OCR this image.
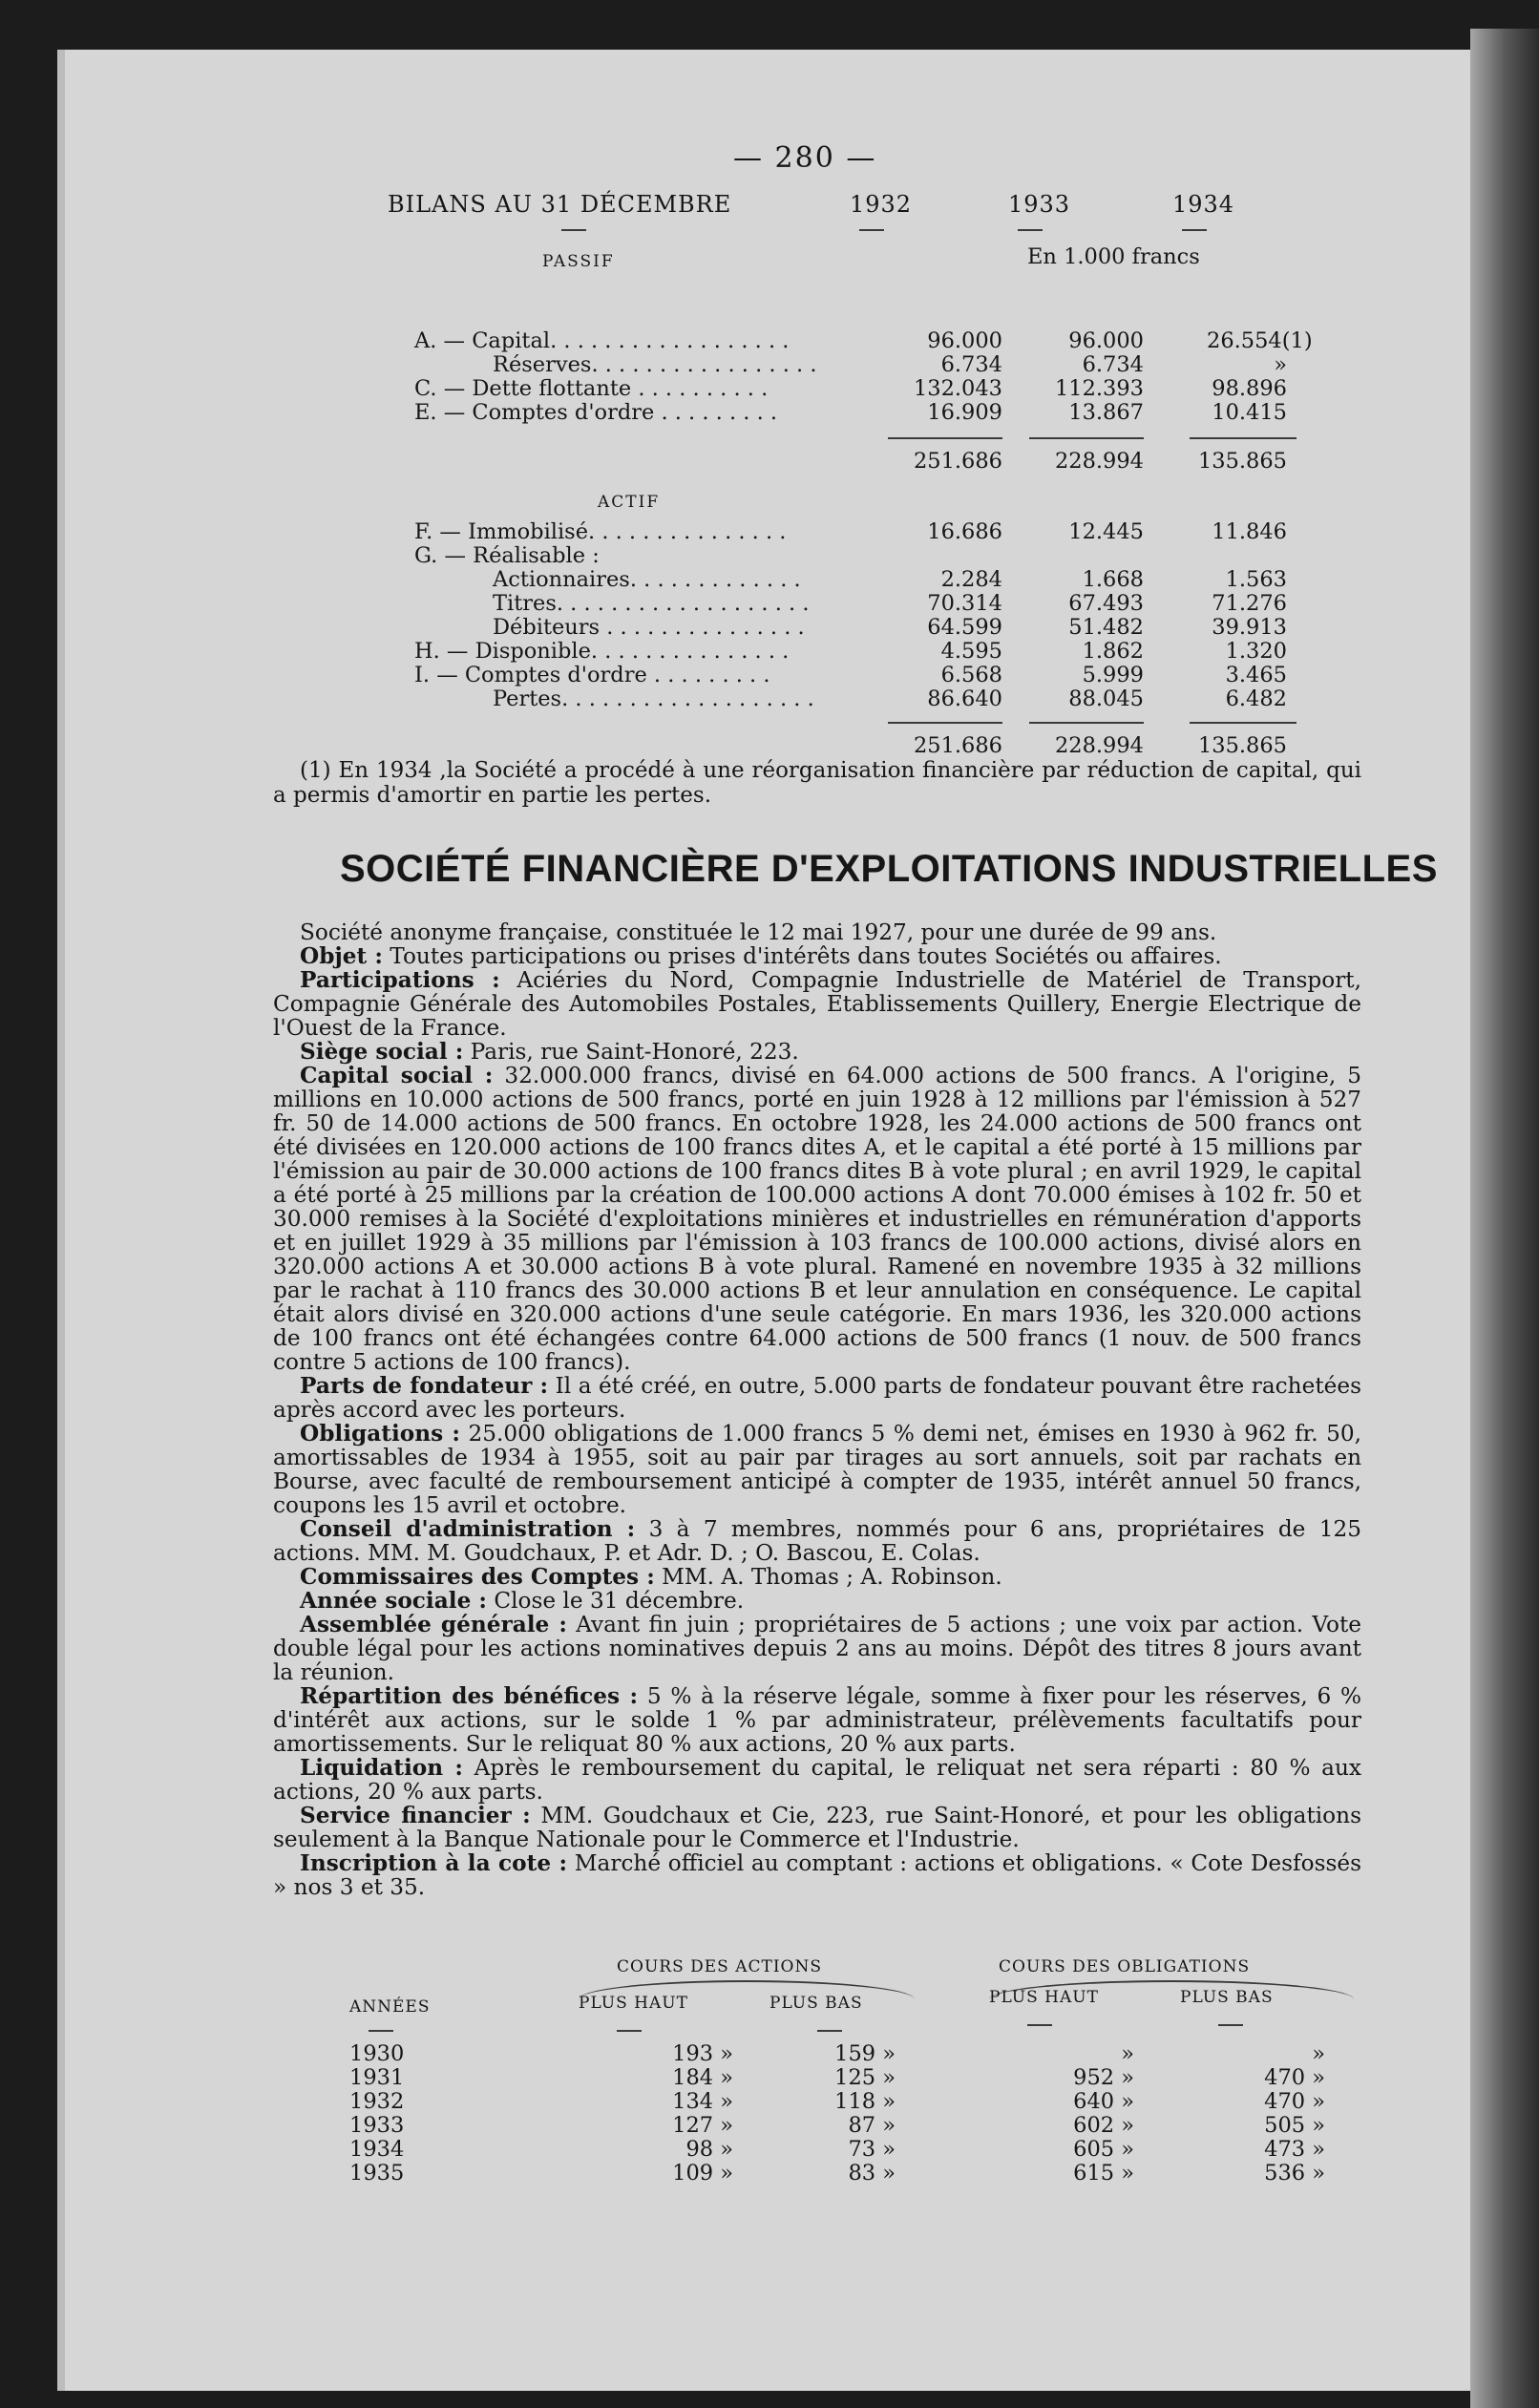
— 280 —
BILANS AU 31 DÉCEMBRE	1932	1933	1934
PASSIF	En 1.000 francs
A. — Capital. . . . . . . . . . . . . . . . . .	96.000	96.000	26.554(1)
Réserves. . . . . . . . . . . . . . . . .	6.734	6.734	»
C. — Dette flottante . . . . . . . . . .	132.043	112.393	98.896
E. — Comptes d'ordre . . . . . . . . .	16.909	13.867	10.415
251.686	228.994	135.865
ACTIF
F. — Immobilisé. . . . . . . . . . . . . . .	16.686	12.445	11.846
G. — Réalisable :
Actionnaires. . . . . . . . . . . . .	2.284	1.668	1.563
Titres. . . . . . . . . . . . . . . . . . .	70.314	67.493	71.276
Débiteurs . . . . . . . . . . . . . . .	64.599	51.482	39.913
H. — Disponible. . . . . . . . . . . . . . .	4.595	1.862	1.320
I. — Comptes d'ordre . . . . . . . . .	6.568	5.999	3.465
Pertes. . . . . . . . . . . . . . . . . . .	86.640	88.045	6.482
251.686	228.994	135.865
(1) En 1934 ,la Société a procédé à une réorganisation financière par réduction de capital, qui a permis d'amortir en partie les pertes.
SOCIÉTÉ FINANCIÈRE D'EXPLOITATIONS INDUSTRIELLES

Société anonyme française, constituée le 12 mai 1927, pour une durée de 99 ans.

Objet : Toutes participations ou prises d'intérêts dans toutes Sociétés ou affaires.

Participations : Aciéries du Nord, Compagnie Industrielle de Matériel de Transport, Compagnie Générale des Automobiles Postales, Etablissements Quillery, Energie Electrique de l'Ouest de la France.

Siège social : Paris, rue Saint-Honoré, 223.

Capital social : 32.000.000 francs, divisé en 64.000 actions de 500 francs. A l'origine, 5 millions en 10.000 actions de 500 francs, porté en juin 1928 à 12 millions par l'émission à 527 fr. 50 de 14.000 actions de 500 francs. En octobre 1928, les 24.000 actions de 500 francs ont été divisées en 120.000 actions de 100 francs dites A, et le capital a été porté à 15 millions par l'émission au pair de 30.000 actions de 100 francs dites B à vote plural ; en avril 1929, le capital a été porté à 25 millions par la création de 100.000 actions A dont 70.000 émises à 102 fr. 50 et 30.000 remises à la Société d'exploitations minières et industrielles en rémunération d'apports et en juillet 1929 à 35 millions par l'émission à 103 francs de 100.000 actions, divisé alors en 320.000 actions A et 30.000 actions B à vote plural. Ramené en novembre 1935 à 32 millions par le rachat à 110 francs des 30.000 actions B et leur annulation en conséquence. Le capital était alors divisé en 320.000 actions d'une seule catégorie. En mars 1936, les 320.000 actions de 100 francs ont été échangées contre 64.000 actions de 500 francs (1 nouv. de 500 francs contre 5 actions de 100 francs).

Parts de fondateur : Il a été créé, en outre, 5.000 parts de fondateur pouvant être rachetées après accord avec les porteurs.

Obligations : 25.000 obligations de 1.000 francs 5 % demi net, émises en 1930 à 962 fr. 50, amortissables de 1934 à 1955, soit au pair par tirages au sort annuels, soit par rachats en Bourse, avec faculté de remboursement anticipé à compter de 1935, intérêt annuel 50 francs, coupons les 15 avril et octobre.

Conseil d'administration : 3 à 7 membres, nommés pour 6 ans, propriétaires de 125 actions. MM. M. Goudchaux, P. et Adr. D. ; O. Bascou, E. Colas.

Commissaires des Comptes : MM. A. Thomas ; A. Robinson.

Année sociale : Close le 31 décembre.

Assemblée générale : Avant fin juin ; propriétaires de 5 actions ; une voix par action. Vote double légal pour les actions nominatives depuis 2 ans au moins. Dépôt des titres 8 jours avant la réunion.

Répartition des bénéfices : 5 % à la réserve légale, somme à fixer pour les réserves, 6 % d'intérêt aux actions, sur le solde 1 % par administrateur, prélèvements facultatifs pour amortissements. Sur le reliquat 80 % aux actions, 20 % aux parts.

Liquidation : Après le remboursement du capital, le reliquat net sera réparti : 80 % aux actions, 20 % aux parts.

Service financier : MM. Goudchaux et Cie, 223, rue Saint-Honoré, et pour les obligations seulement à la Banque Nationale pour le Commerce et l'Industrie.

Inscription à la cote : Marché officiel au comptant : actions et obligations. « Cote Desfossés » nos 3 et 35.

COURS DES ACTIONS	COURS DES OBLIGATIONS
ANNÉES	PLUS HAUT	PLUS BAS	PLUS HAUT	PLUS BAS
1930	193 »	159 »	»	»
1931	184 »	125 »	952 »	470 »
1932	134 »	118 »	640 »	470 »
1933	127 »	87 »	602 »	505 »
1934	98 »	73 »	605 »	473 »
1935	109 »	83 »	615 »	536 »
